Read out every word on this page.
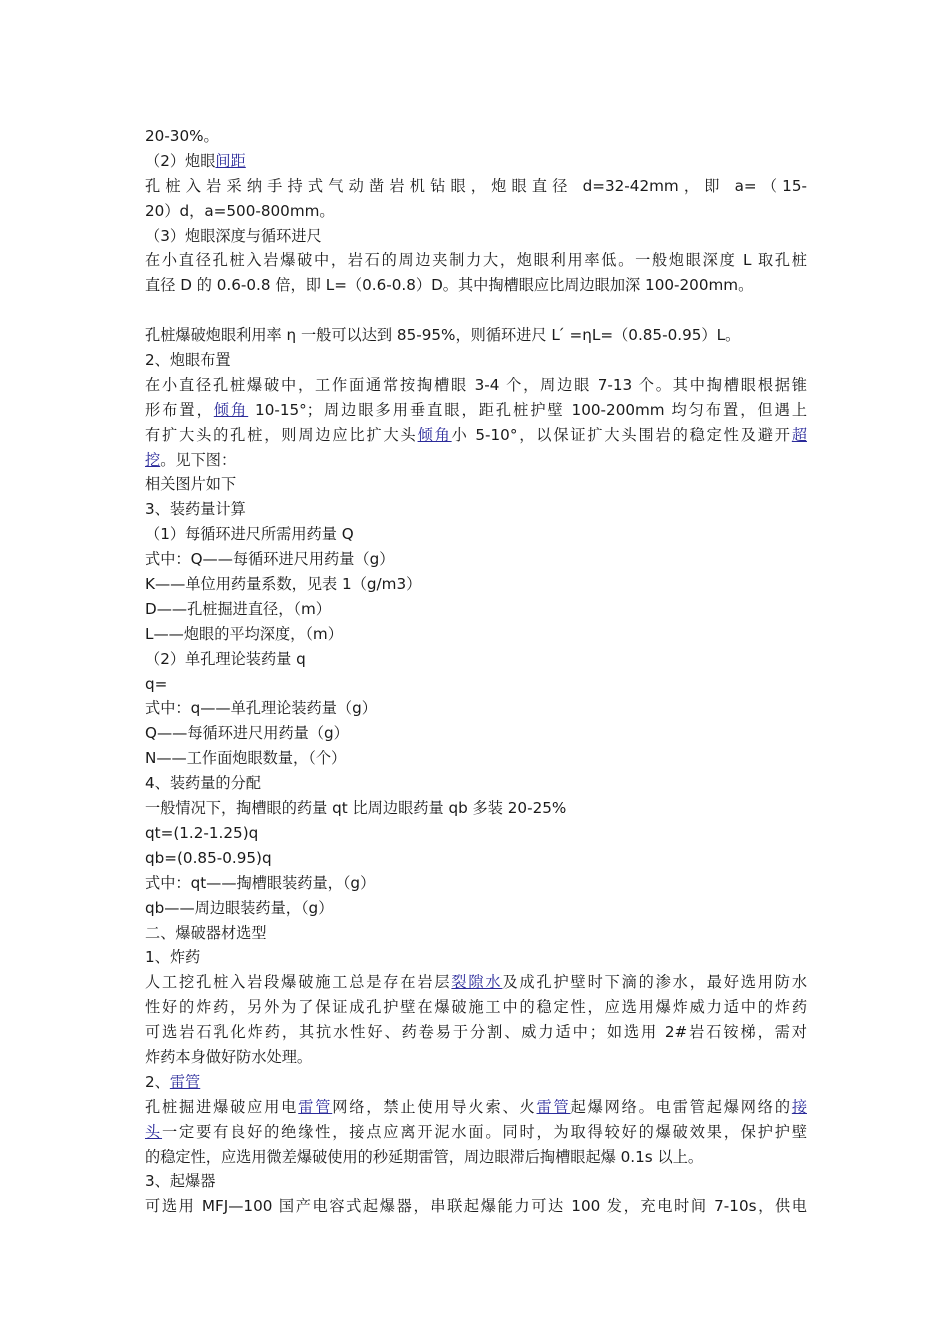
20-30%。
（2）炮眼间距
孔桩入岩采纳手持式气动凿岩机钻眼，炮眼直径 d=32-42mm，即 a=（15-
20）d，a=500-800mm。
（3）炮眼深度与循环进尺
在小直径孔桩入岩爆破中，岩石的周边夹制力大，炮眼利用率低。一般炮眼深度 L 取孔桩
直径 D 的 0.6-0.8 倍，即 L=（0.6-0.8）D。其中掏槽眼应比周边眼加深 100-200mm。
孔桩爆破炮眼利用率 η 一般可以达到 85-95%，则循环进尺 L ́ =ηL=（0.85-0.95）L。
2、炮眼布置
在小直径孔桩爆破中，工作面通常按掏槽眼 3-4 个，周边眼 7-13 个。其中掏槽眼根据锥
形布置，倾角 10-15°；周边眼多用垂直眼，距孔桩护壁 100-200mm 均匀布置，但遇上
有扩大头的孔桩，则周边应比扩大头倾角小 5-10°，以保证扩大头围岩的稳定性及避开超
挖。见下图：
相关图片如下
3、装药量计算
（1）每循环进尺所需用药量 Q
式中：Q——每循环进尺用药量（g）
K——单位用药量系数，见表 1（g/m3）
D——孔桩掘进直径，（m）
L——炮眼的平均深度，（m）
（2）单孔理论装药量 q
q=
式中：q——单孔理论装药量（g）
Q——每循环进尺用药量（g）
N——工作面炮眼数量，（个）
4、装药量的分配
一般情况下，掏槽眼的药量 qt 比周边眼药量 qb 多装 20-25%
qt=(1.2-1.25)q
qb=(0.85-0.95)q
式中：qt——掏槽眼装药量，（g）
qb——周边眼装药量，（g）
二、爆破器材选型
1、炸药
人工挖孔桩入岩段爆破施工总是存在岩层裂隙水及成孔护壁时下滴的渗水，最好选用防水
性好的炸药，另外为了保证成孔护壁在爆破施工中的稳定性，应选用爆炸威力适中的炸药
可选岩石乳化炸药，其抗水性好、药卷易于分割、威力适中；如选用 2#岩石铵梯，需对
炸药本身做好防水处理。
2、雷管
孔桩掘进爆破应用电雷管网络，禁止使用导火索、火雷管起爆网络。电雷管起爆网络的接
头一定要有良好的绝缘性，接点应离开泥水面。同时，为取得较好的爆破效果，保护护壁
的稳定性，应选用微差爆破使用的秒延期雷管，周边眼滞后掏槽眼起爆 0.1s 以上。
3、起爆器
可选用 MFJ—100 国产电容式起爆器，串联起爆能力可达 100 发，充电时间 7-10s，供电
